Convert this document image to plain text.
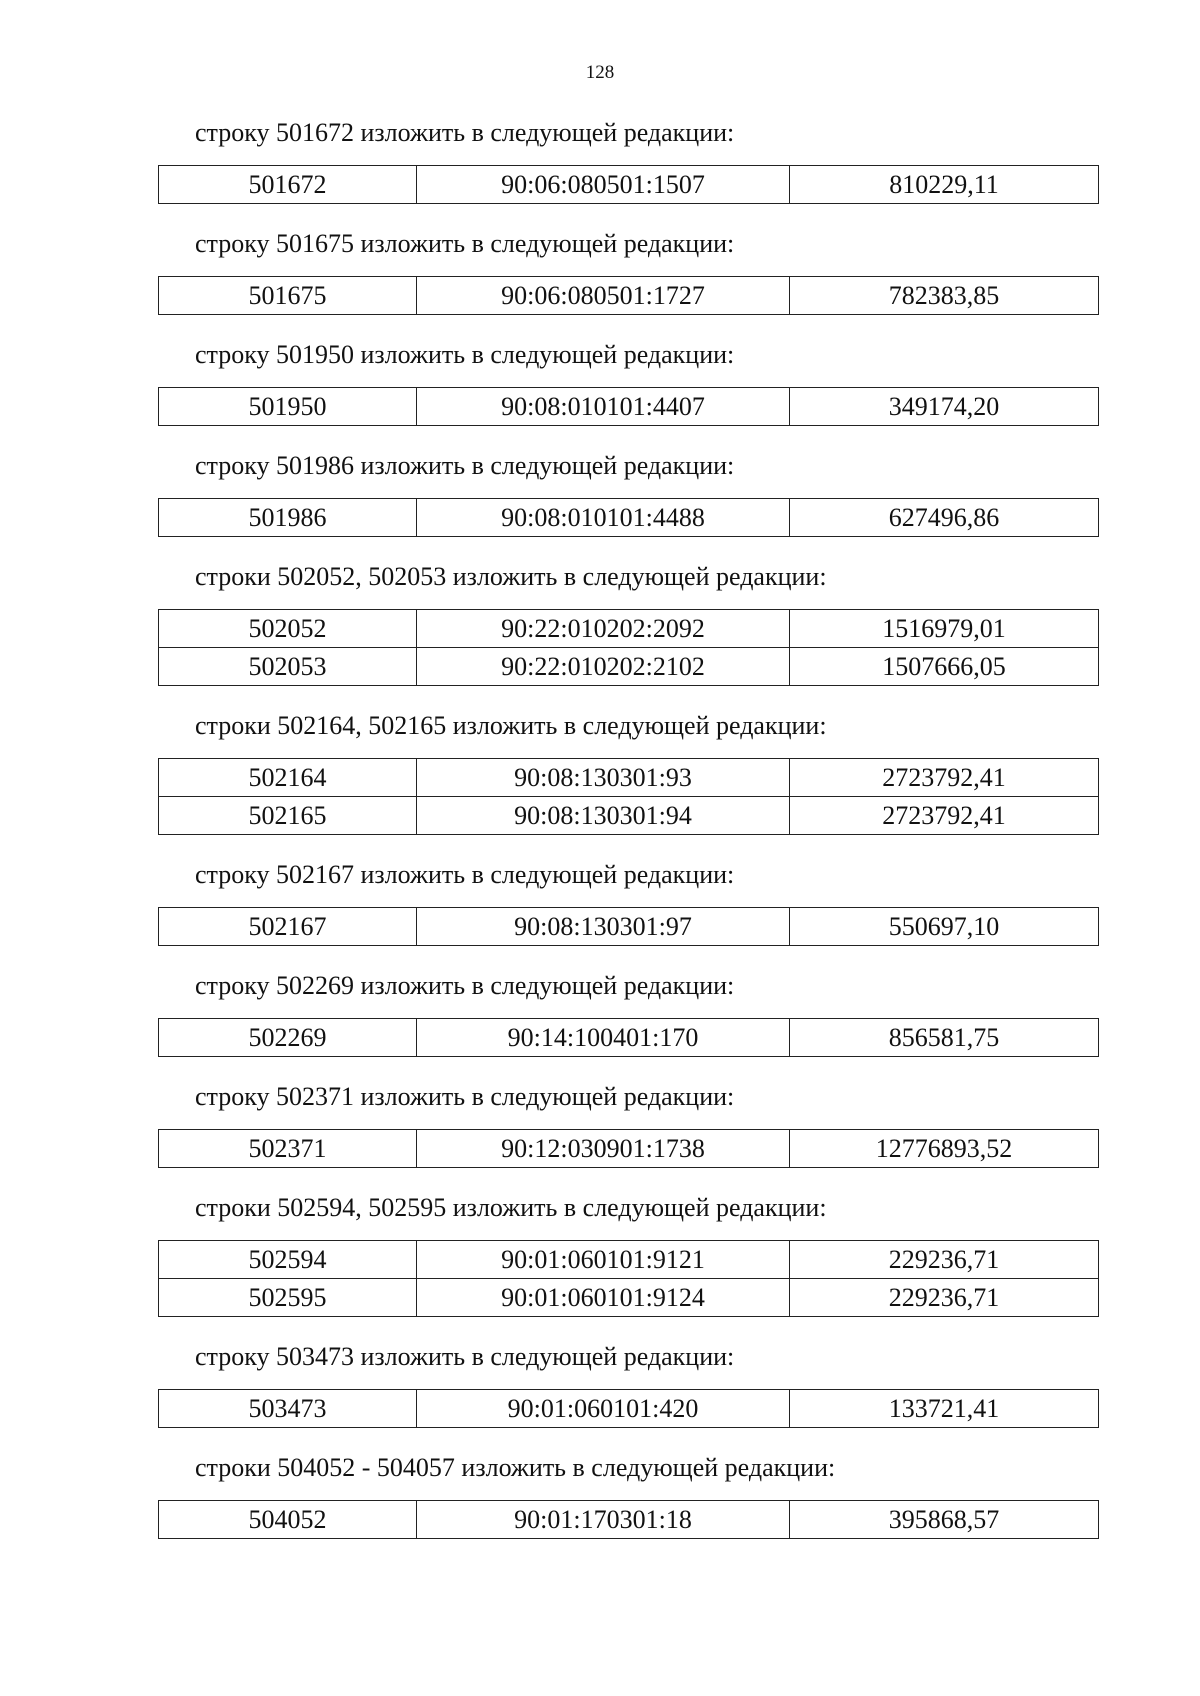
128
строку 501672 изложить в следующей редакции:
501672	90:06:080501:1507	810229,11
строку 501675 изложить в следующей редакции:
501675	90:06:080501:1727	782383,85
строку 501950 изложить в следующей редакции:
501950	90:08:010101:4407	349174,20
строку 501986 изложить в следующей редакции:
501986	90:08:010101:4488	627496,86
строки 502052, 502053 изложить в следующей редакции:
502052	90:22:010202:2092	1516979,01
502053	90:22:010202:2102	1507666,05
строки 502164, 502165 изложить в следующей редакции:
502164	90:08:130301:93	2723792,41
502165	90:08:130301:94	2723792,41
строку 502167 изложить в следующей редакции:
502167	90:08:130301:97	550697,10
строку 502269 изложить в следующей редакции:
502269	90:14:100401:170	856581,75
строку 502371 изложить в следующей редакции:
502371	90:12:030901:1738	12776893,52
строки 502594, 502595 изложить в следующей редакции:
502594	90:01:060101:9121	229236,71
502595	90:01:060101:9124	229236,71
строку 503473 изложить в следующей редакции:
503473	90:01:060101:420	133721,41
строки 504052 - 504057 изложить в следующей редакции:
504052	90:01:170301:18	395868,57
